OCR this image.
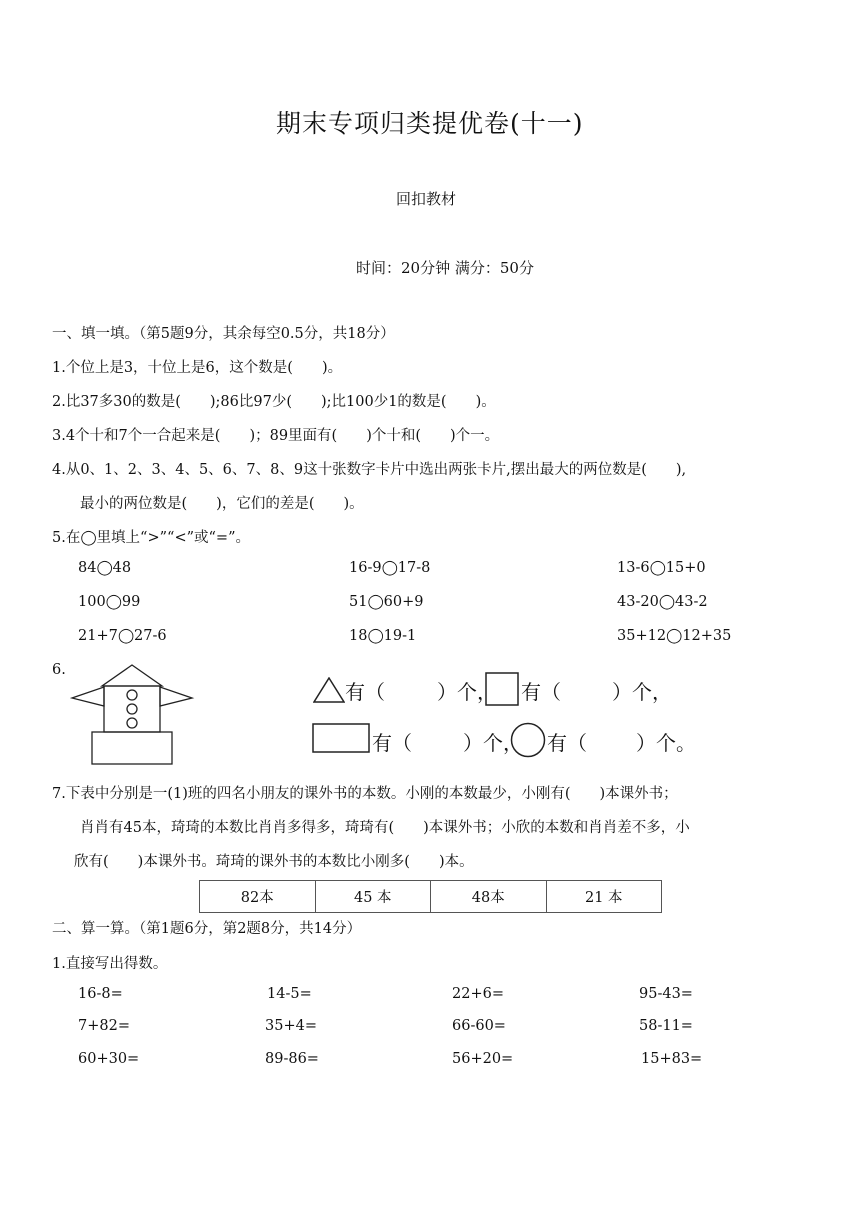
期末专项归类提优卷(十一)
回扣教材
时间：20分钟 满分：50分
一、填一填。（第5题9分，其余每空0.5分，共18分）
1.个位上是3，十位上是6，这个数是(　　)。
2.比37多30的数是(　　);86比97少(　　);比100少1的数是(　　)。
3.4个十和7个一合起来是(　　)；89里面有(　　)个十和(　　)个一。
4.从0、1、2、3、4、5、6、7、8、9这十张数字卡片中选出两张卡片,摆出最大的两位数是(　　),
最小的两位数是(　　)，它们的差是(　　)。
5.在◯里填上“>”“<”或“=”。
84◯48	16-9◯17-8	13-6◯15+0
100◯99	51◯60+9	43-20◯43-2
21+7◯27-6	18◯19-1	35+12◯12+35
6.
有（	）个， 有（	）个，
有（	）个， 有（ ）个。
7.下表中分别是一(1)班的四名小朋友的课外书的本数。小刚的本数最少，小刚有(　　)本课外书；
肖肖有45本，琦琦的本数比肖肖多得多，琦琦有(　　)本课外书；小欣的本数和肖肖差不多，小
欣有(　　)本课外书。琦琦的课外书的本数比小刚多(　　)本。
82本	45 本	48本	21 本
二、算一算。（第1题6分，第2题8分，共14分）
1.直接写出得数。
16-8=	14-5=	22+6=	95-43=
7+82=	35+4=	66-60=	58-11=
60+30=	89-86=	56+20=	15+83=
